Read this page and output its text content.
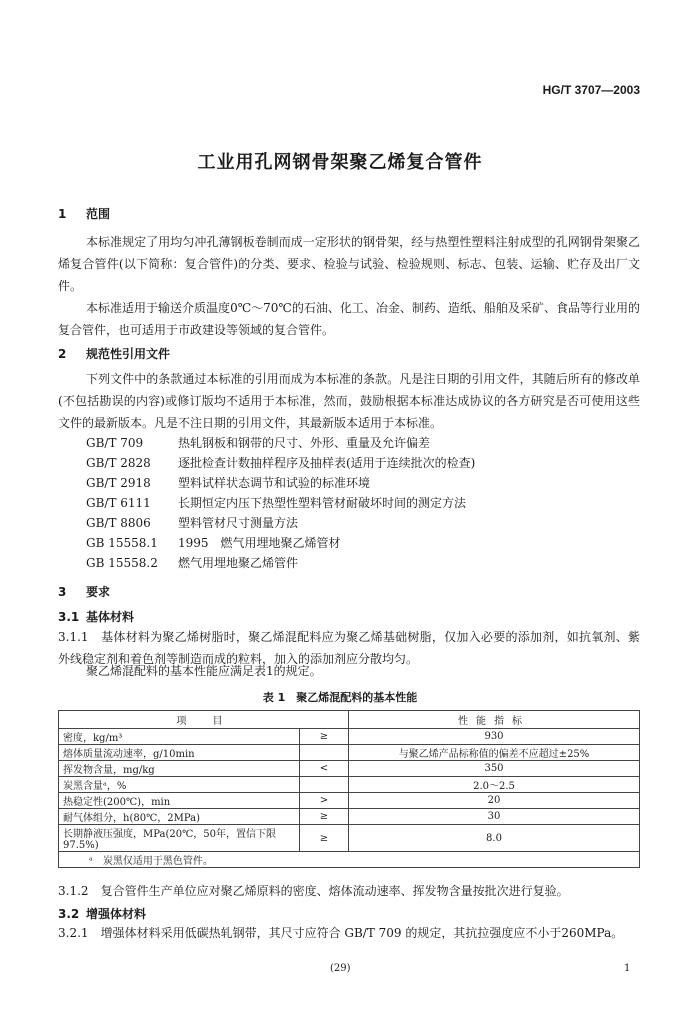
HG/T 3707—2003
工业用孔网钢骨架聚乙烯复合管件
1 范围
本标准规定了用均匀冲孔薄钢板卷制而成一定形状的钢骨架，经与热塑性塑料注射成型的孔网钢骨架聚乙烯复合管件(以下简称：复合管件)的分类、要求、检验与试验、检验规则、标志、包装、运输、贮存及出厂文件。
本标准适用于输送介质温度0℃～70℃的石油、化工、冶金、制药、造纸、船舶及采矿、食品等行业用的复合管件，也可适用于市政建设等领域的复合管件。
2 规范性引用文件
下列文件中的条款通过本标准的引用而成为本标准的条款。凡是注日期的引用文件，其随后所有的修改单(不包括勘误的内容)或修订版均不适用于本标准，然而，鼓励根据本标准达成协议的各方研究是否可使用这些文件的最新版本。凡是不注日期的引用文件，其最新版本适用于本标准。
GB/T 709	热轧钢板和钢带的尺寸、外形、重量及允许偏差
GB/T 2828 逐批检查计数抽样程序及抽样表(适用于连续批次的检查)
GB/T 2918 塑料试样状态调节和试验的标准环境
GB/T 6111 长期恒定内压下热塑性塑料管材耐破坏时间的测定方法
GB/T 8806 塑料管材尺寸测量方法
GB 15558.1 1995　燃气用埋地聚乙烯管材
GB 15558.2 燃气用埋地聚乙烯管件
3 要求
3.1 基体材料
3.1.1　 基体材料为聚乙烯树脂时，聚乙烯混配料应为聚乙烯基础树脂，仅加入必要的添加剂，如抗氧剂、紫外线稳定剂和着色剂等制造而成的粒料，加入的添加剂应分散均匀。
聚乙烯混配料的基本性能应满足表1的规定。
表 1　聚乙烯混配料的基本性能
项　目		性能指标
密度，kg/m³	≥	930
熔体质量流动速率，g/10min		与聚乙烯产品标称值的偏差不应超过±25%
挥发物含量，mg/kg	<	350
炭黑含量ᵃ，%		2.0～2.5
热稳定性(200℃)，min	>	20
耐气体组分，h(80℃，2MPa)	≥	30
长期静液压强度，MPa(20℃，50年，置信下限97.5%)	≥	8.0
ᵃ　炭黑仅适用于黑色管件。		
3.1.2　 复合管件生产单位应对聚乙烯原料的密度、熔体流动速率、挥发物含量按批次进行复验。
3.2 增强体材料
3.2.1　 增强体材料采用低碳热轧钢带，其尺寸应符合 GB/T 709 的规定，其抗拉强度应不小于260MPa。
(29)	1
